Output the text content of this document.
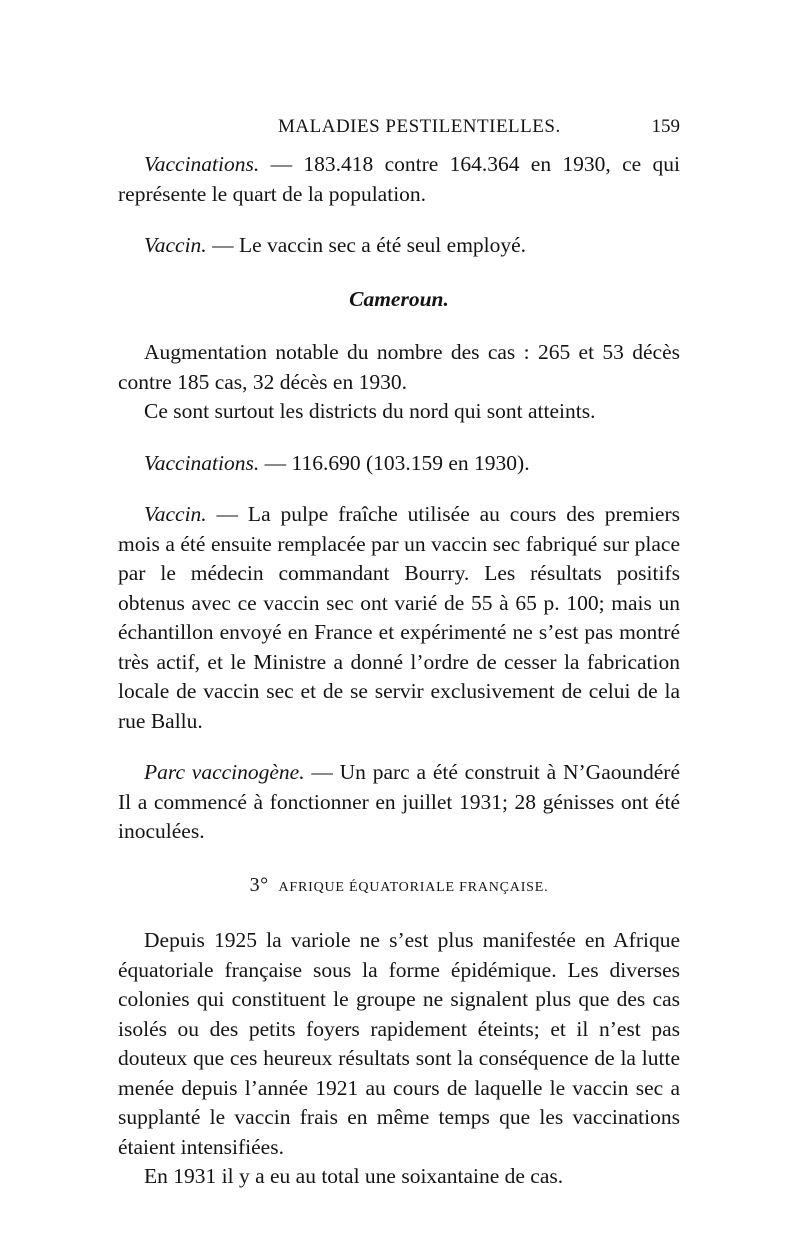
MALADIES PESTILENTIELLES.	159

Vaccinations. — 183.418 contre 164.364 en 1930, ce qui représente le quart de la population.

Vaccin. — Le vaccin sec a été seul employé.

Cameroun.

Augmentation notable du nombre des cas : 265 et 53 décès contre 185 cas, 32 décès en 1930.

Ce sont surtout les districts du nord qui sont atteints.

Vaccinations. — 116.690 (103.159 en 1930).

Vaccin. — La pulpe fraîche utilisée au cours des premiers mois a été ensuite remplacée par un vaccin sec fabriqué sur place par le médecin commandant Bourry. Les résultats positifs obtenus avec ce vaccin sec ont varié de 55 à 65 p. 100; mais un échantillon envoyé en France et expérimenté ne s’est pas montré très actif, et le Ministre a donné l’ordre de cesser la fabrication locale de vaccin sec et de se servir exclusivement de celui de la rue Ballu.

Parc vaccinogène. — Un parc a été construit à N’Gaoundéré Il a commencé à fonctionner en juillet 1931; 28 génisses ont été inoculées.

3° AFRIQUE ÉQUATORIALE FRANÇAISE.

Depuis 1925 la variole ne s’est plus manifestée en Afrique équatoriale française sous la forme épidémique. Les diverses colonies qui constituent le groupe ne signalent plus que des cas isolés ou des petits foyers rapidement éteints; et il n’est pas douteux que ces heureux résultats sont la conséquence de la lutte menée depuis l’année 1921 au cours de laquelle le vaccin sec a supplanté le vaccin frais en même temps que les vaccinations étaient intensifiées.

En 1931 il y a eu au total une soixantaine de cas.
